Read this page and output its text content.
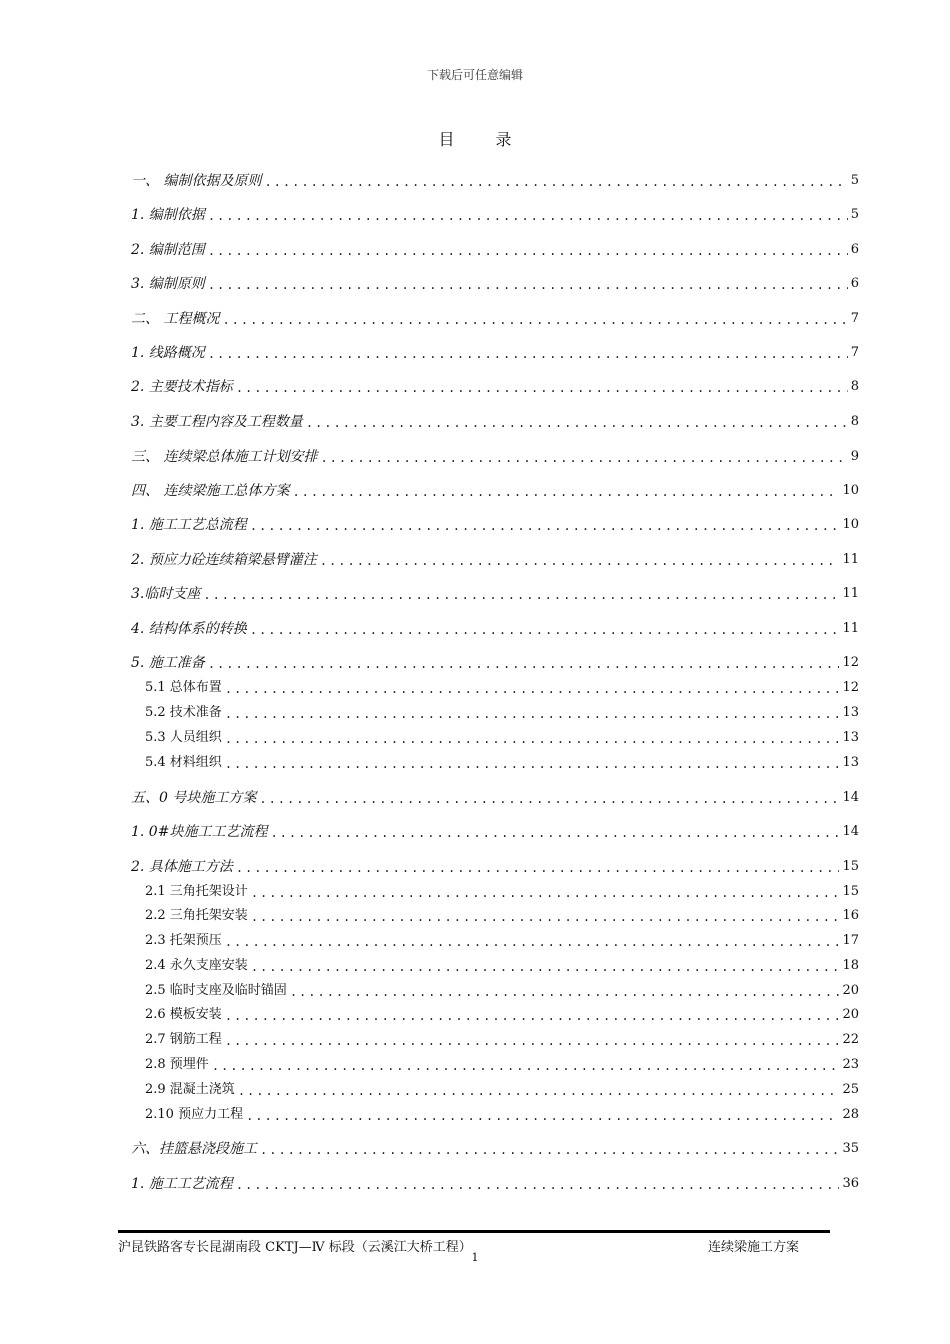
下载后可任意编辑
目 录
一、 编制依据及原则 .....	5
1. 编制依据 .....	5
2. 编制范围 .....	6
3. 编制原则 .....	6
二、 工程概况 .....	7
1. 线路概况 .....	7
2. 主要技术指标 .....	8
3. 主要工程内容及工程数量 .....	8
三、 连续梁总体施工计划安排 .....	9
四、 连续梁施工总体方案 .....	10
1. 施工工艺总流程 .....	10
2. 预应力砼连续箱梁悬臂灌注 .....	11
3.临时支座 .....	11
4. 结构体系的转换 .....	11
5. 施工准备 .....	12
5.1 总体布置 .....	12
5.2 技术准备 .....	13
5.3 人员组织 .....	13
5.4 材料组织 .....	13
五、0 号块施工方案 .....	14
1. 0#块施工工艺流程 .....	14
2. 具体施工方法 .....	15
2.1 三角托架设计 .....	15
2.2 三角托架安装 .....	16
2.3 托架预压 .....	17
2.4 永久支座安装 .....	18
2.5 临时支座及临时锚固 .....	20
2.6 模板安装 .....	20
2.7 钢筋工程 .....	22
2.8 预埋件 .....	23
2.9 混凝土浇筑 .....	25
2.10 预应力工程 .....	28
六、挂篮悬浇段施工 .....	35
1. 施工工艺流程 .....	36
沪昆铁路客专长昆湖南段 CKTJ—Ⅳ 标段（云溪江大桥工程）	连续梁施工方案
1
